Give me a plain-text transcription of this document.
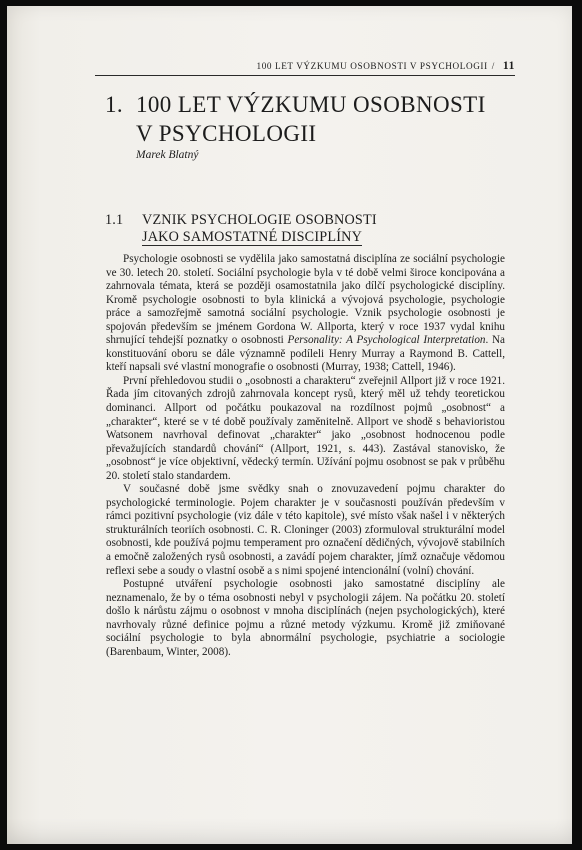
100 LET VÝZKUMU OSOBNOSTI V PSYCHOLOGII / 11
1. 100 LET VÝZKUMU OSOBNOSTI
V PSYCHOLOGII
Marek Blatný
1.1 VZNIK PSYCHOLOGIE OSOBNOSTI
JAKO SAMOSTATNÉ DISCIPLÍNY

Psychologie osobnosti se vydělila jako samostatná disciplína ze sociální psychologie ve 30. letech 20. století. Sociální psychologie byla v té době velmi široce koncipována a zahrnovala témata, která se později osamostatnila jako dílčí psychologické disciplíny. Kromě psychologie osobnosti to byla klinická a vývojová psychologie, psychologie práce a samozřejmě samotná sociální psychologie. Vznik psychologie osobnosti je spojován především se jménem Gordona W. Allporta, který v roce 1937 vydal knihu shrnující tehdejší poznatky o osobnosti Personality: A Psychological Interpretation. Na konstituování oboru se dále významně podíleli Henry Murray a Raymond B. Cattell, kteří napsali své vlastní monografie o osobnosti (Murray, 1938; Cattell, 1946).

První přehledovou studii o „osobnosti a charakteru“ zveřejnil Allport již v roce 1921. Řada jím citovaných zdrojů zahrnovala koncept rysů, který měl už tehdy teoretickou dominanci. Allport od počátku poukazoval na rozdílnost pojmů „osobnost“ a „charakter“, které se v té době používaly zaměnitelně. Allport ve shodě s behavioristou Watsonem navrhoval definovat „charakter“ jako „osobnost hodnocenou podle převažujících standardů chování“ (Allport, 1921, s. 443). Zastával stanovisko, že „osobnost“ je více objektivní, vědecký termín. Užívání pojmu osobnost se pak v průběhu 20. století stalo standardem.

V současné době jsme svědky snah o znovuzavedení pojmu charakter do psychologické terminologie. Pojem charakter je v současnosti používán především v rámci pozitivní psychologie (viz dále v této kapitole), své místo však našel i v některých strukturálních teoriích osobnosti. C. R. Cloninger (2003) zformuloval strukturální model osobnosti, kde používá pojmu temperament pro označení dědičných, vývojově stabilních a emočně založených rysů osobnosti, a zavádí pojem charakter, jímž označuje vědomou reflexi sebe a soudy o vlastní osobě a s nimi spojené intencionální (volní) chování.

Postupné utváření psychologie osobnosti jako samostatné disciplíny ale neznamenalo, že by o téma osobnosti nebyl v psychologii zájem. Na počátku 20. století došlo k nárůstu zájmu o osobnost v mnoha disciplínách (nejen psychologických), které navrhovaly různé definice pojmu a různé metody výzkumu. Kromě již zmiňované sociální psychologie to byla abnormální psychologie, psychiatrie a sociologie (Barenbaum, Winter, 2008).
